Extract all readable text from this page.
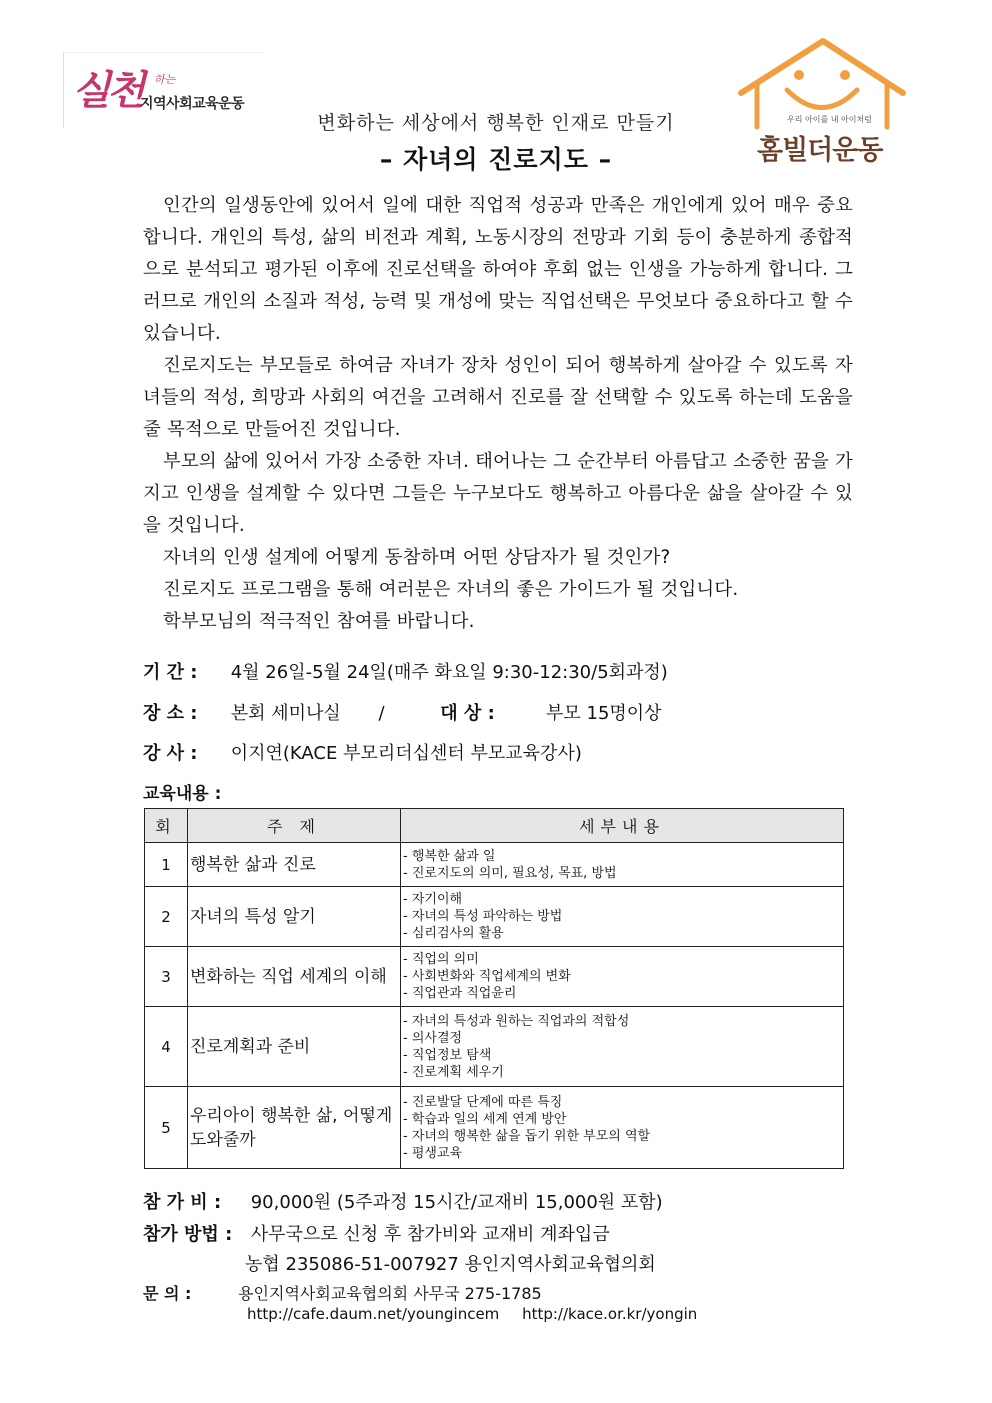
실천 하는
지역사회교육운동
우리 아이를 내 아이처럼
홈빌더운동
변화하는 세상에서 행복한 인재로 만들기
– 자녀의 진로지도 –

인간의 일생동안에 있어서 일에 대한 직업적 성공과 만족은 개인에게 있어 매우 중요합니다. 개인의 특성, 삶의 비전과 계획, 노동시장의 전망과 기회 등이 충분하게 종합적으로 분석되고 평가된 이후에 진로선택을 하여야 후회 없는 인생을 가능하게 합니다. 그러므로 개인의 소질과 적성, 능력 및 개성에 맞는 직업선택은 무엇보다 중요하다고 할 수 있습니다.

진로지도는 부모들로 하여금 자녀가 장차 성인이 되어 행복하게 살아갈 수 있도록 자녀들의 적성, 희망과 사회의 여건을 고려해서 진로를 잘 선택할 수 있도록 하는데 도움을 줄 목적으로 만들어진 것입니다.

부모의 삶에 있어서 가장 소중한 자녀. 태어나는 그 순간부터 아름답고 소중한 꿈을 가지고 인생을 설계할 수 있다면 그들은 누구보다도 행복하고 아름다운 삶을 살아갈 수 있을 것입니다.

자녀의 인생 설계에 어떻게 동참하며 어떤 상담자가 될 것인가?

진로지도 프로그램을 통해 여러분은 자녀의 좋은 가이드가 될 것입니다.

학부모님의 적극적인 참여를 바랍니다.

기 간 : 4월 26일-5월 24일(매주 화요일 9:30-12:30/5회과정)
장 소 : 본회 세미나실 /	대 상 :	부모 15명이상
강 사 : 이지연(KACE 부모리더십센터 부모교육강사)
교육내용 :
회	주 제	세부내용
1	행복한 삶과 진로	- 행복한 삶과 일
- 진로지도의 의미, 필요성, 목표, 방법

2	자녀의 특성 알기	- 자기이해
- 자녀의 특성 파악하는 방법
- 심리검사의 활용

3	변화하는 직업 세계의 이해	- 직업의 의미
- 사회변화와 직업세계의 변화
- 직업관과 직업윤리

4	진로계획과 준비	- 자녀의 특성과 원하는 직업과의 적합성
- 의사결정
- 직업정보 탐색
- 진로계획 세우기

5	우리아이 행복한 삶, 어떻게 도와줄까	- 진로발달 단계에 따른 특징
- 학습과 일의 세계 연계 방안
- 자녀의 행복한 삶을 돕기 위한 부모의 역할
- 평생교육
참 가 비 : 90,000원 (5주과정 15시간/교재비 15,000원 포함)
참가 방법 : 사무국으로 신청 후 참가비와 교재비 계좌입금
농협 235086-51-007927 용인지역사회교육협의회
문 의 :	용인지역사회교육협의회 사무국 275-1785
http://cafe.daum.net/youngincem http://kace.or.kr/yongin
